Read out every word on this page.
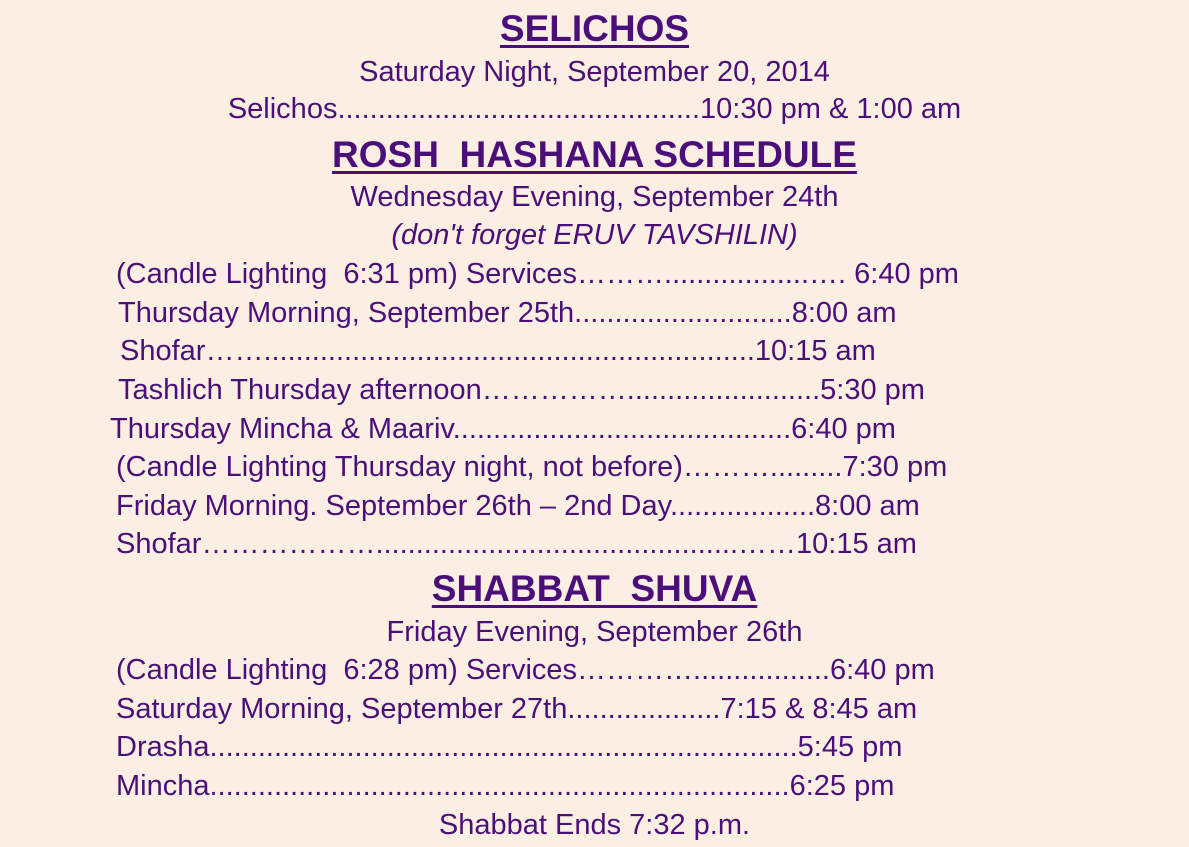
SELICHOS
Saturday Night, September 20, 2014
Selichos.............................................10:30 pm & 1:00 am
ROSH  HASHANA SCHEDULE
Wednesday Evening, September 24th
(don't forget ERUV TAVSHILIN)
(Candle Lighting  6:31 pm) Services………..................…. 6:40 pm
Thursday Morning, September 25th...........................8:00 am
Shofar…….............................................................10:15 am
Tashlich Thursday afternoon……………........................5:30 pm
Thursday Mincha & Maariv..........................................6:40 pm
(Candle Lighting Thursday night, not before)……….........7:30 pm
Friday Morning. September 26th – 2nd Day..................8:00 am
Shofar……………….............................................……10:15 am
SHABBAT  SHUVA
Friday Evening, September 26th
(Candle Lighting  6:28 pm) Services………….................6:40 pm
Saturday Morning, September 27th...................7:15 & 8:45 am
Drasha.........................................................................5:45 pm
Mincha........................................................................6:25 pm
Shabbat Ends 7:32 p.m.
